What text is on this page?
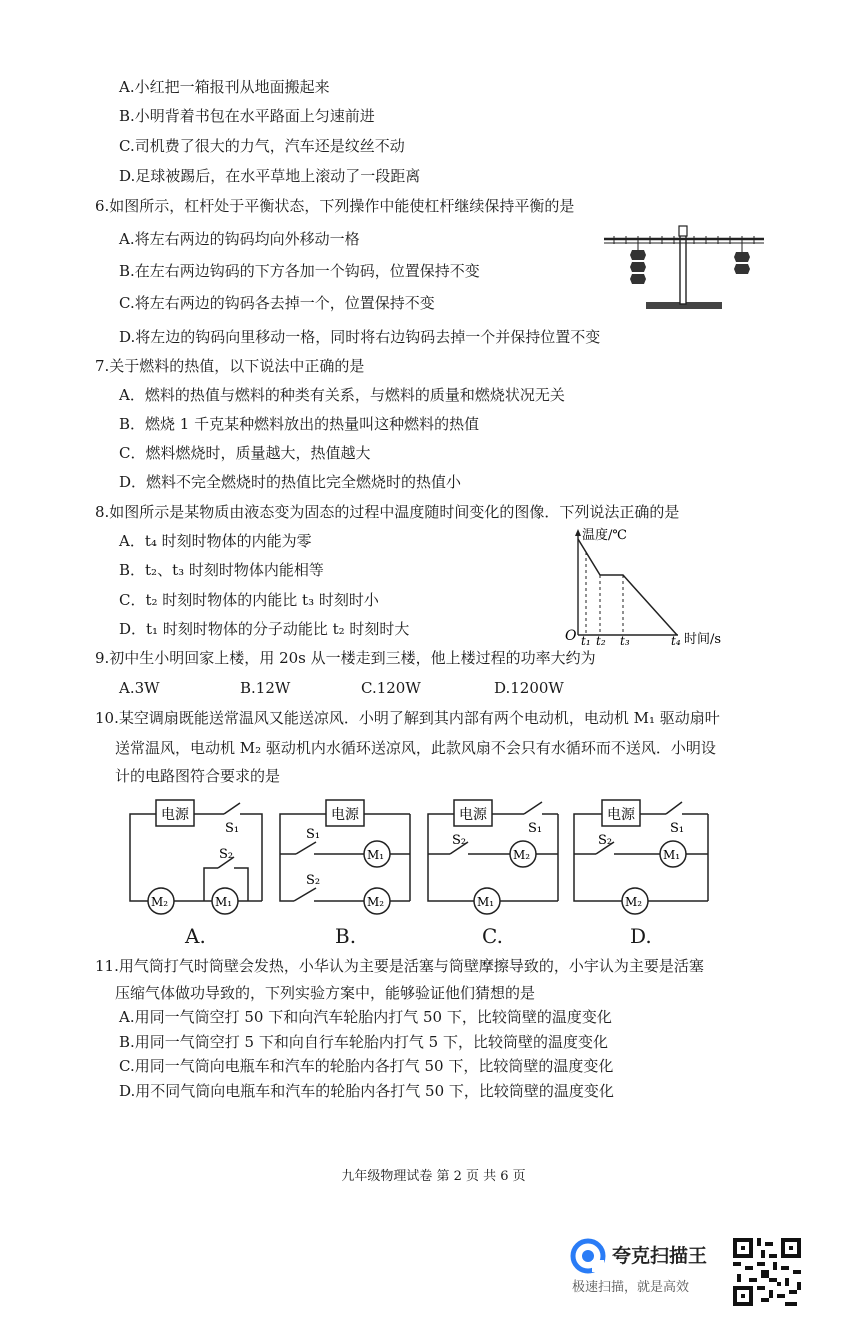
A.小红把一箱报刊从地面搬起来
B.小明背着书包在水平路面上匀速前进
C.司机费了很大的力气，汽车还是纹丝不动
D.足球被踢后，在水平草地上滚动了一段距离
6.如图所示，杠杆处于平衡状态，下列操作中能使杠杆继续保持平衡的是
A.将左右两边的钩码均向外移动一格
B.在左右两边钩码的下方各加一个钩码，位置保持不变
C.将左右两边的钩码各去掉一个，位置保持不变
D.将左边的钩码向里移动一格，同时将右边钩码去掉一个并保持位置不变
7.关于燃料的热值，以下说法中正确的是
A．燃料的热值与燃料的种类有关系，与燃料的质量和燃烧状况无关
B．燃烧 1 千克某种燃料放出的热量叫这种燃料的热值
C．燃料燃烧时，质量越大，热值越大
D．燃料不完全燃烧时的热值比完全燃烧时的热值小
8.如图所示是某物质由液态变为固态的过程中温度随时间变化的图像．下列说法正确的是
A．t₄ 时刻时物体的内能为零
B．t₂、t₃ 时刻时物体内能相等
C．t₂ 时刻时物体的内能比 t₃ 时刻时小
D．t₁ 时刻时物体的分子动能比 t₂ 时刻时大
温度/℃
O t₁ t₂ t₃	t₄ 时间/s
9.初中生小明回家上楼，用 20s 从一楼走到三楼，他上楼过程的功率大约为
A.3W	B.12W	C.120W	D.1200W
10.某空调扇既能送常温风又能送凉风．小明了解到其内部有两个电动机，电动机 M₁ 驱动扇叶
送常温风，电动机 M₂ 驱动机内水循环送凉风，此款风扇不会只有水循环而不送风．小明设
计的电路图符合要求的是
电源
S₁
S₂
M₂	M₁
A.
电源
S₁
S₂
M₁
M₂
B.
电源
S₁
S₂
M₂
M₁
C.
电源
S₁
S₂
M₁
M₂
D.
11.用气筒打气时筒壁会发热，小华认为主要是活塞与筒壁摩擦导致的，小宇认为主要是活塞
压缩气体做功导致的，下列实验方案中，能够验证他们猜想的是
A.用同一气筒空打 50 下和向汽车轮胎内打气 50 下，比较筒壁的温度变化
B.用同一气筒空打 5 下和向自行车轮胎内打气 5 下，比较筒壁的温度变化
C.用同一气筒向电瓶车和汽车的轮胎内各打气 50 下，比较筒壁的温度变化
D.用不同气筒向电瓶车和汽车的轮胎内各打气 50 下，比较筒壁的温度变化
九年级物理试卷 第 2 页 共 6 页
夸克扫描王
极速扫描，就是高效
